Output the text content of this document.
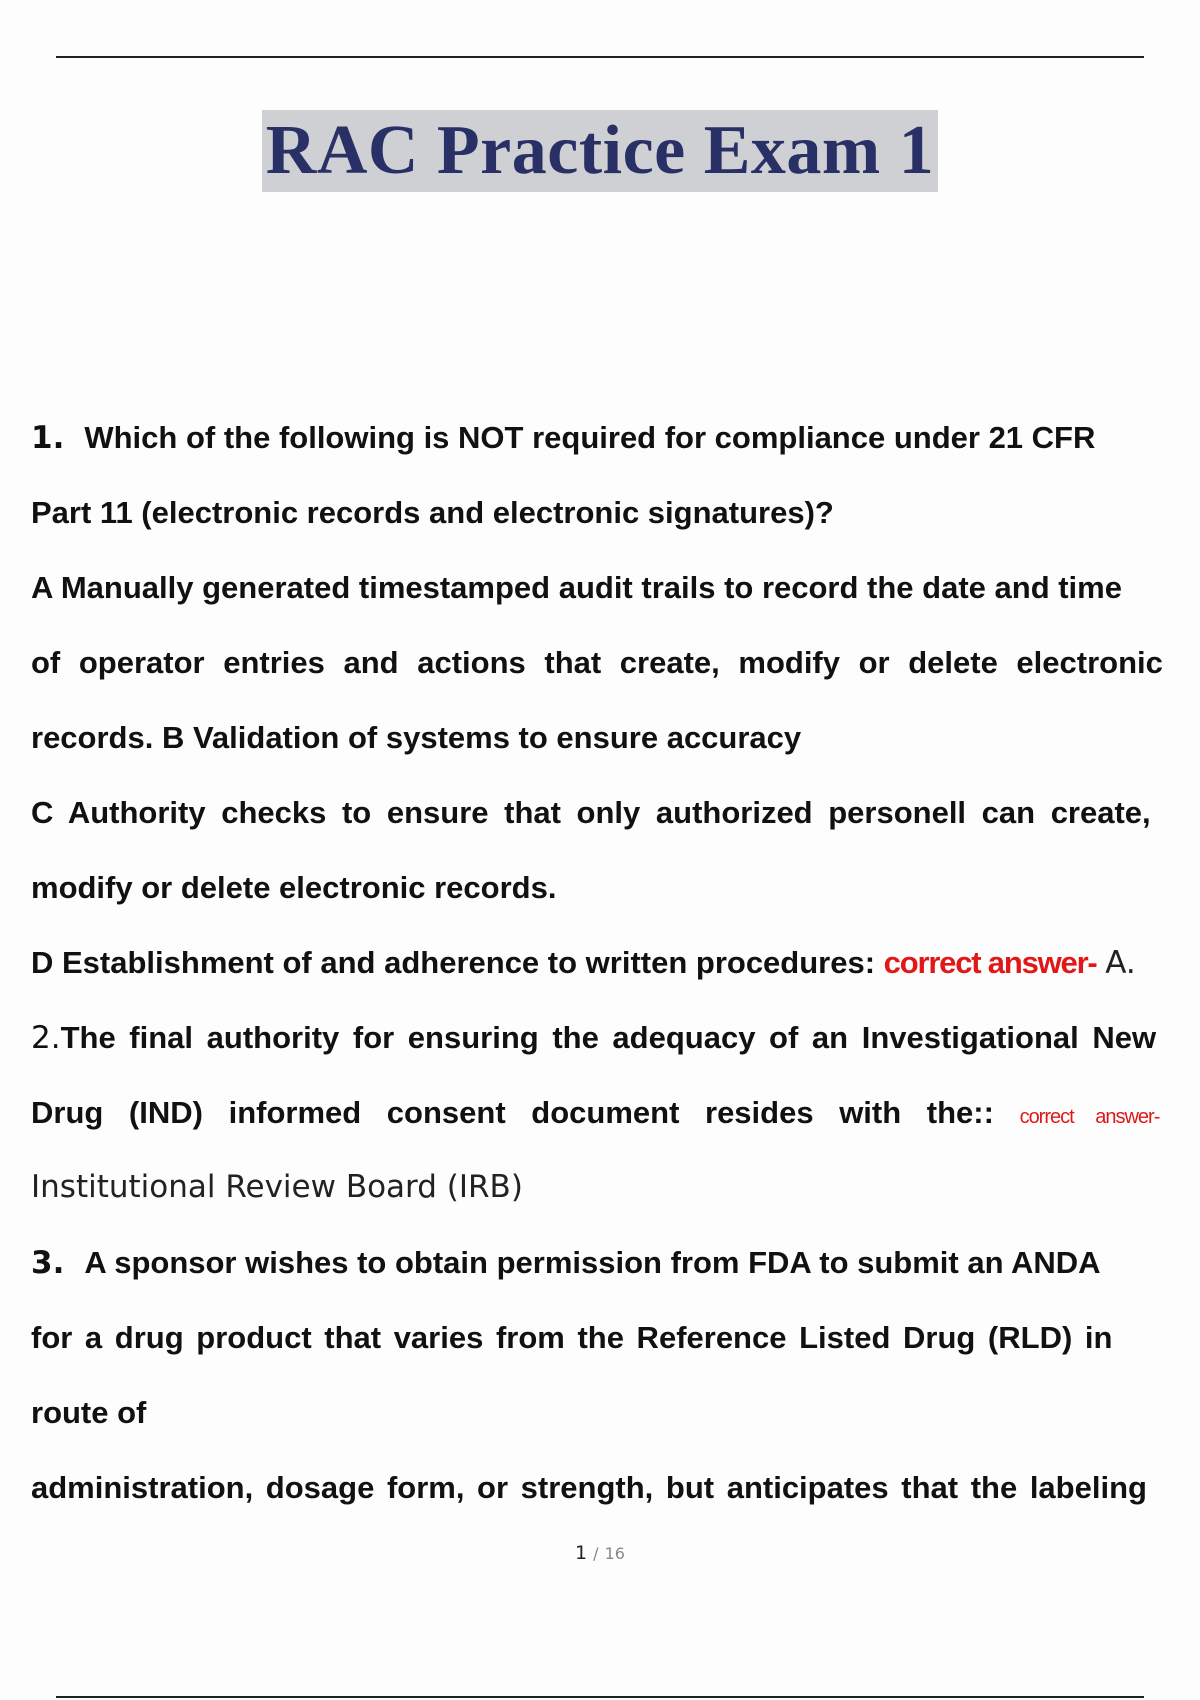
RAC Practice Exam 1
1. Which of the following is NOT required for compliance under 21 CFR
Part 11 (electronic records and electronic signatures)?
A Manually generated timestamped audit trails to record the date and time
of operator entries and actions that create, modify or delete electronic
records. B Validation of systems to ensure accuracy
C Authority checks to ensure that only authorized personell can create,
modify or delete electronic records.
D Establishment of and adherence to written procedures: correct answer- A.
2.The final authority for ensuring the adequacy of an Investigational New
Drug (IND) informed consent document resides with the:: correct answer-
Institutional Review Board (IRB)
3. A sponsor wishes to obtain permission from FDA to submit an ANDA
for a drug product that varies from the Reference Listed Drug (RLD) in
route of
administration, dosage form, or strength, but anticipates that the labeling
1 / 16
